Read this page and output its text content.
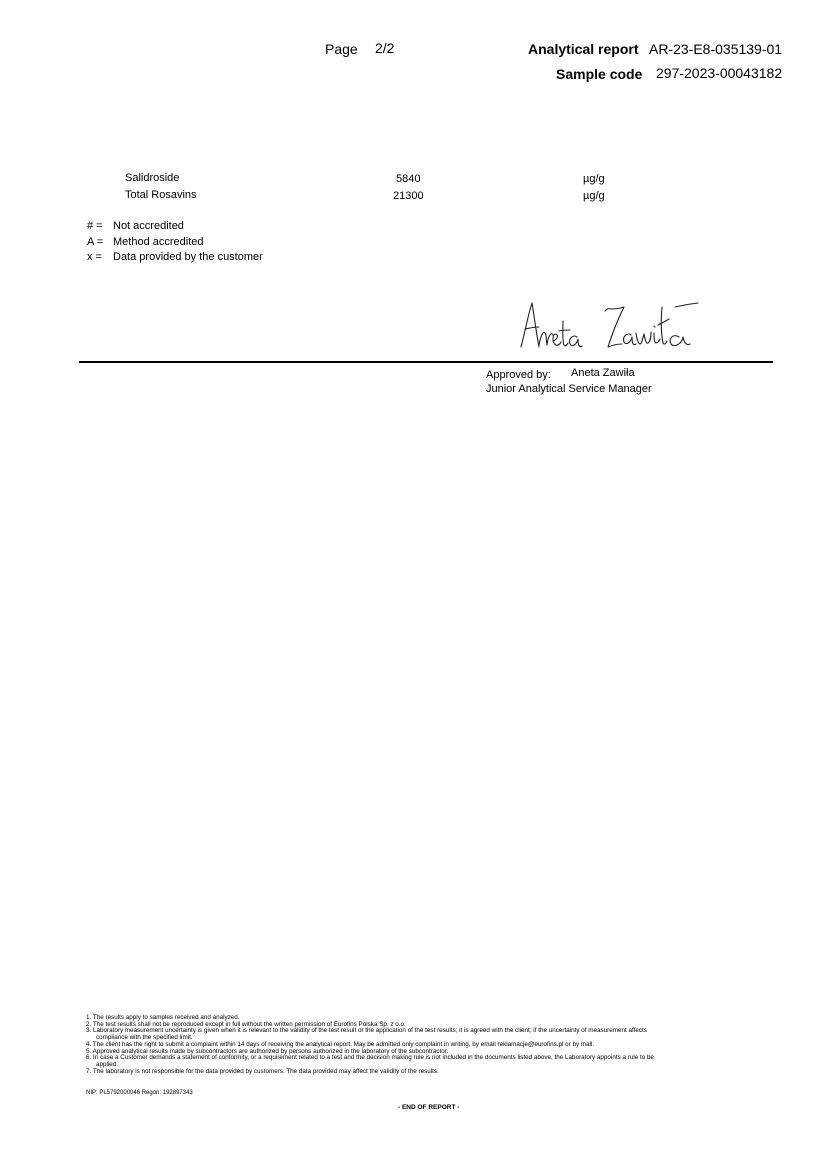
Page 2/2	Analytical report AR-23-E8-035139-01
Sample code 297-2023-00043182
Salidroside	5840	µg/g
Total Rosavins	21300	µg/g
# = Not accredited
A = Method accredited
x = Data provided by the customer
Approved by: Aneta Zawiła
Junior Analytical Service Manager
1. The results apply to samples received and analyzed.
2. The test results shall not be reproduced except in full without the written permission of Eurofins Polska Sp. z o.o.
3. Laboratory measurement uncertainty is given when it is relevant to the validity of the test result or the application of the test results; it is agreed with the client; if the uncertainty of measurement affects
compliance with the specified limit.
4. The client has the right to submit a complaint within 14 days of receiving the analytical report. May be admitted only complaint in writing, by email reklamacje@eurofins.pl or by mail.
5. Approved analytical results made by subcontractors are authorized by persons authorized in the laboratory of the subcontractor.
6. In case a Customer demands a statement of conformity, or a requirement related to a test and the decision making rule is not included in the documents listed above, the Laboratory appoints a rule to be
applied.
7. The laboratory is not responsible for the data provided by customers. The data provided may affect the validity of the results.
NIP: PL5792000046 Regon: 192897343
- END OF REPORT -
